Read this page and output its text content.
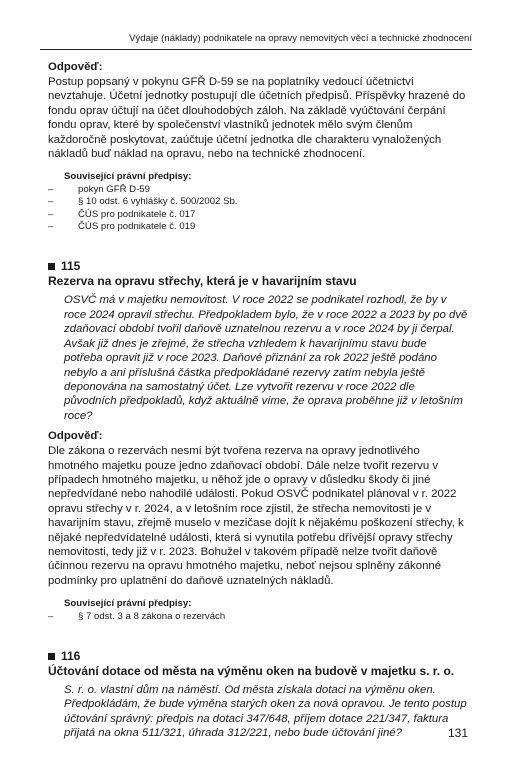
Výdaje (náklady) podnikatele na opravy nemovitých věcí a technické zhodnocení

Odpověď:

Postup popsaný v pokynu GFŘ D-59 se na poplatníky vedoucí účetnictví nevztahuje. Účetní jednotky postupují dle účetních předpisů. Příspěvky hrazené do fondu oprav účtují na účet dlouhodobých záloh. Na základě vyúčtování čerpání fondu oprav, které by společenství vlastníků jednotek mělo svým členům každoročně poskytovat, zaúčtuje účetní jednotka dle charakteru vynaložených nákladů buď náklad na opravu, nebo na technické zhodnocení.

Související právní předpisy:

–	pokyn GFŘ D-59
–	§ 10 odst. 6 vyhlášky č. 500/2002 Sb.
–	ČÚS pro podnikatele č. 017
–	ČÚS pro podnikatele č. 019
115

Rezerva na opravu střechy, která je v havarijním stavu

OSVČ má v majetku nemovitost. V roce 2022 se podnikatel rozhodl, že by v roce 2024 opravil střechu. Předpokladem bylo, že v roce 2022 a 2023 by po dvě zdaňovací období tvořil daňově uznatelnou rezervu a v roce 2024 by ji čerpal. Avšak již dnes je zřejmé, že střecha vzhledem k havarijnímu stavu bude potřeba opravit již v roce 2023. Daňové přiznání za rok 2022 ještě podáno nebylo a ani příslušná částka předpokládané rezervy zatím nebyla ještě deponována na samostatný účet. Lze vytvořit rezervu v roce 2022 dle původních předpokladů, když aktuálně víme, že oprava proběhne již v letošním roce?

Odpověď:

Dle zákona o rezervách nesmí být tvořena rezerva na opravy jednotlivého hmotného majetku pouze jedno zdaňovací období. Dále nelze tvořit rezervu v případech hmotného majetku, u něhož jde o opravy v důsledku škody či jiné nepředvídané nebo nahodilé události. Pokud OSVČ podnikatel plánoval v r. 2022 opravu střechy v r. 2024, a v letošním roce zjistil, že střecha nemovitosti je v havarijním stavu, zřejmě muselo v mezičase dojít k nějakému poškození střechy, k nějaké nepředvídatelné události, která si vynutila potřebu dřívější opravy střechy nemovitosti, tedy již v r. 2023. Bohužel v takovém případě nelze tvořit daňově účinnou rezervu na opravu hmotného majetku, neboť nejsou splněny zákonné podmínky pro uplatnění do daňově uznatelných nákladů.

Související právní předpisy:

–	§ 7 odst. 3 a 8 zákona o rezervách
116

Účtování dotace od města na výměnu oken na budově v majetku s. r. o.

S. r. o. vlastní dům na náměstí. Od města získala dotaci na výměnu oken. Předpokládám, že bude výměna starých oken za nová opravou. Je tento postup účtování správný: předpis na dotaci 347/648, příjem dotace 221/347, faktura přijatá na okna 511/321, úhrada 312/221, nebo bude účtování jiné?	131
